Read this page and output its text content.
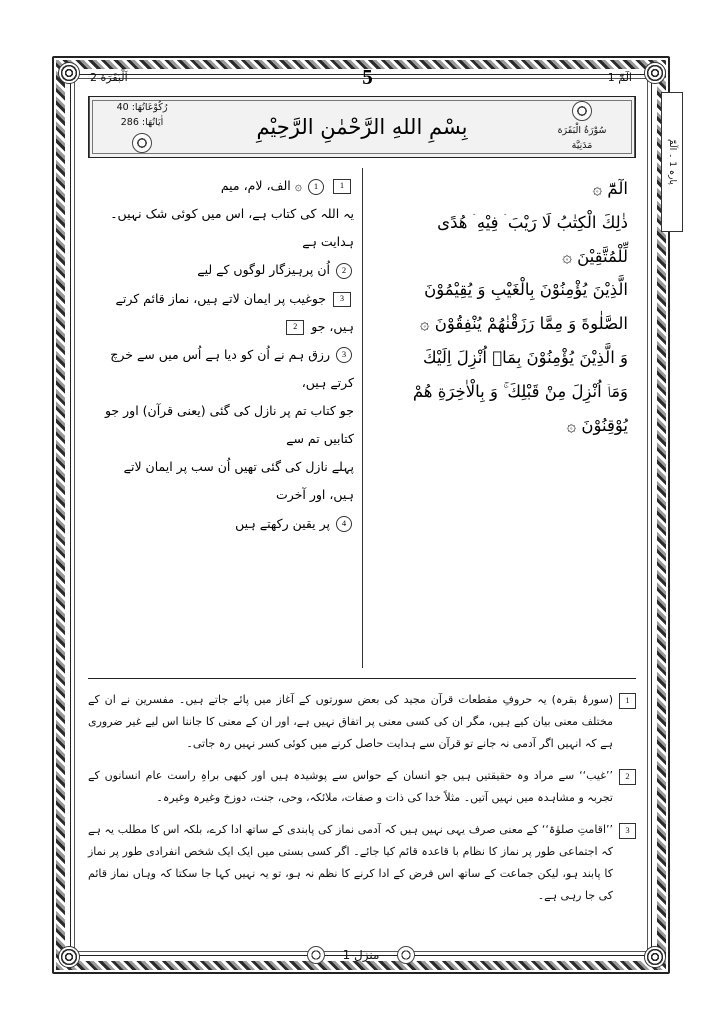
الٓمّٓ 1
5
اَلْبَقَرَة 2
سُوْرَةُ الْبَقَرَة
مَدَنِیَّة
بِسْمِ اللهِ الرَّحْمٰنِ الرَّحِيْمِ
رُکُوْعَاتُهَا: 40
اٰیَاتُهَا: 286
پارہ 1 ۔ الٓمّٓ
1 1 ۞ الف، لام، میم
یہ اللہ کی کتاب ہے، اس میں کوئی شک نہیں۔ ہدایت ہے
2 اُن پرہیزگار لوگوں کے لیے
3 جوغیب پر ایمان لاتے ہیں، نماز قائم کرتے ہیں، جو 2
3 رزق ہم نے اُن کو دیا ہے اُس میں سے خرچ کرتے ہیں،
جو کتاب تم پر نازل کی گئی (یعنی قرآن) اور جو کتابیں تم سے
پہلے نازل کی گئی تھیں اُن سب پر ایمان لاتے ہیں، اور آخرت
4 پر یقین رکھتے ہیں
الٓمّٓ ۞
ذٰلِكَ الْكِتٰبُ لَا رَيْبَ ۛ فِيْهِ ۛ هُدًى
لِّلْمُتَّقِيْنَ ۞
الَّذِيْنَ يُؤْمِنُوْنَ بِالْغَيْبِ وَ يُقِيْمُوْنَ
الصَّلٰوةَ وَ مِمَّا رَزَقْنٰهُمْ يُنْفِقُوْنَ ۞
وَ الَّذِيْنَ يُؤْمِنُوْنَ بِمَاۤ اُنْزِلَ اِلَيْكَ
وَمَاۤ اُنْزِلَ مِنْ قَبْلِكَ ۚ وَ بِالْاٰخِرَةِ هُمْ
يُوْقِنُوْنَ ۞
1
(سورۂ بقرہ) یہ حروفِ مقطعات قرآن مجید کی بعض سورتوں کے آغاز میں پائے جاتے ہیں۔ مفسرین نے ان کے مختلف معنی بیان کیے ہیں، مگر ان کی کسی معنی پر اتفاق نہیں ہے، اور ان کے معنی کا جاننا اس لیے غیر ضروری ہے کہ انہیں اگر آدمی نہ جانے تو قرآن سے ہدایت حاصل کرنے میں کوئی کسر نہیں رہ جاتی۔
2
’’غیب‘‘ سے مراد وہ حقیقتیں ہیں جو انسان کے حواس سے پوشیدہ ہیں اور کبھی براہِ راست عام انسانوں کے تجربہ و مشاہدہ میں نہیں آتیں۔ مثلاً خدا کی ذات و صفات، ملائکہ، وحی، جنت، دوزخ وغیرہ وغیرہ۔
3
’’اقامتِ صلوٰۃ‘‘ کے معنی صرف یہی نہیں ہیں کہ آدمی نماز کی پابندی کے ساتھ ادا کرے، بلکہ اس کا مطلب یہ ہے کہ اجتماعی طور پر نماز کا نظام با قاعدہ قائم کیا جائے۔ اگر کسی بستی میں ایک ایک شخص انفرادی طور پر نماز کا پابند ہو، لیکن جماعت کے ساتھ اس فرض کے ادا کرنے کا نظم نہ ہو، تو یہ نہیں کہا جا سکتا کہ وہاں نماز قائم کی جا رہی ہے۔
منزل 1
